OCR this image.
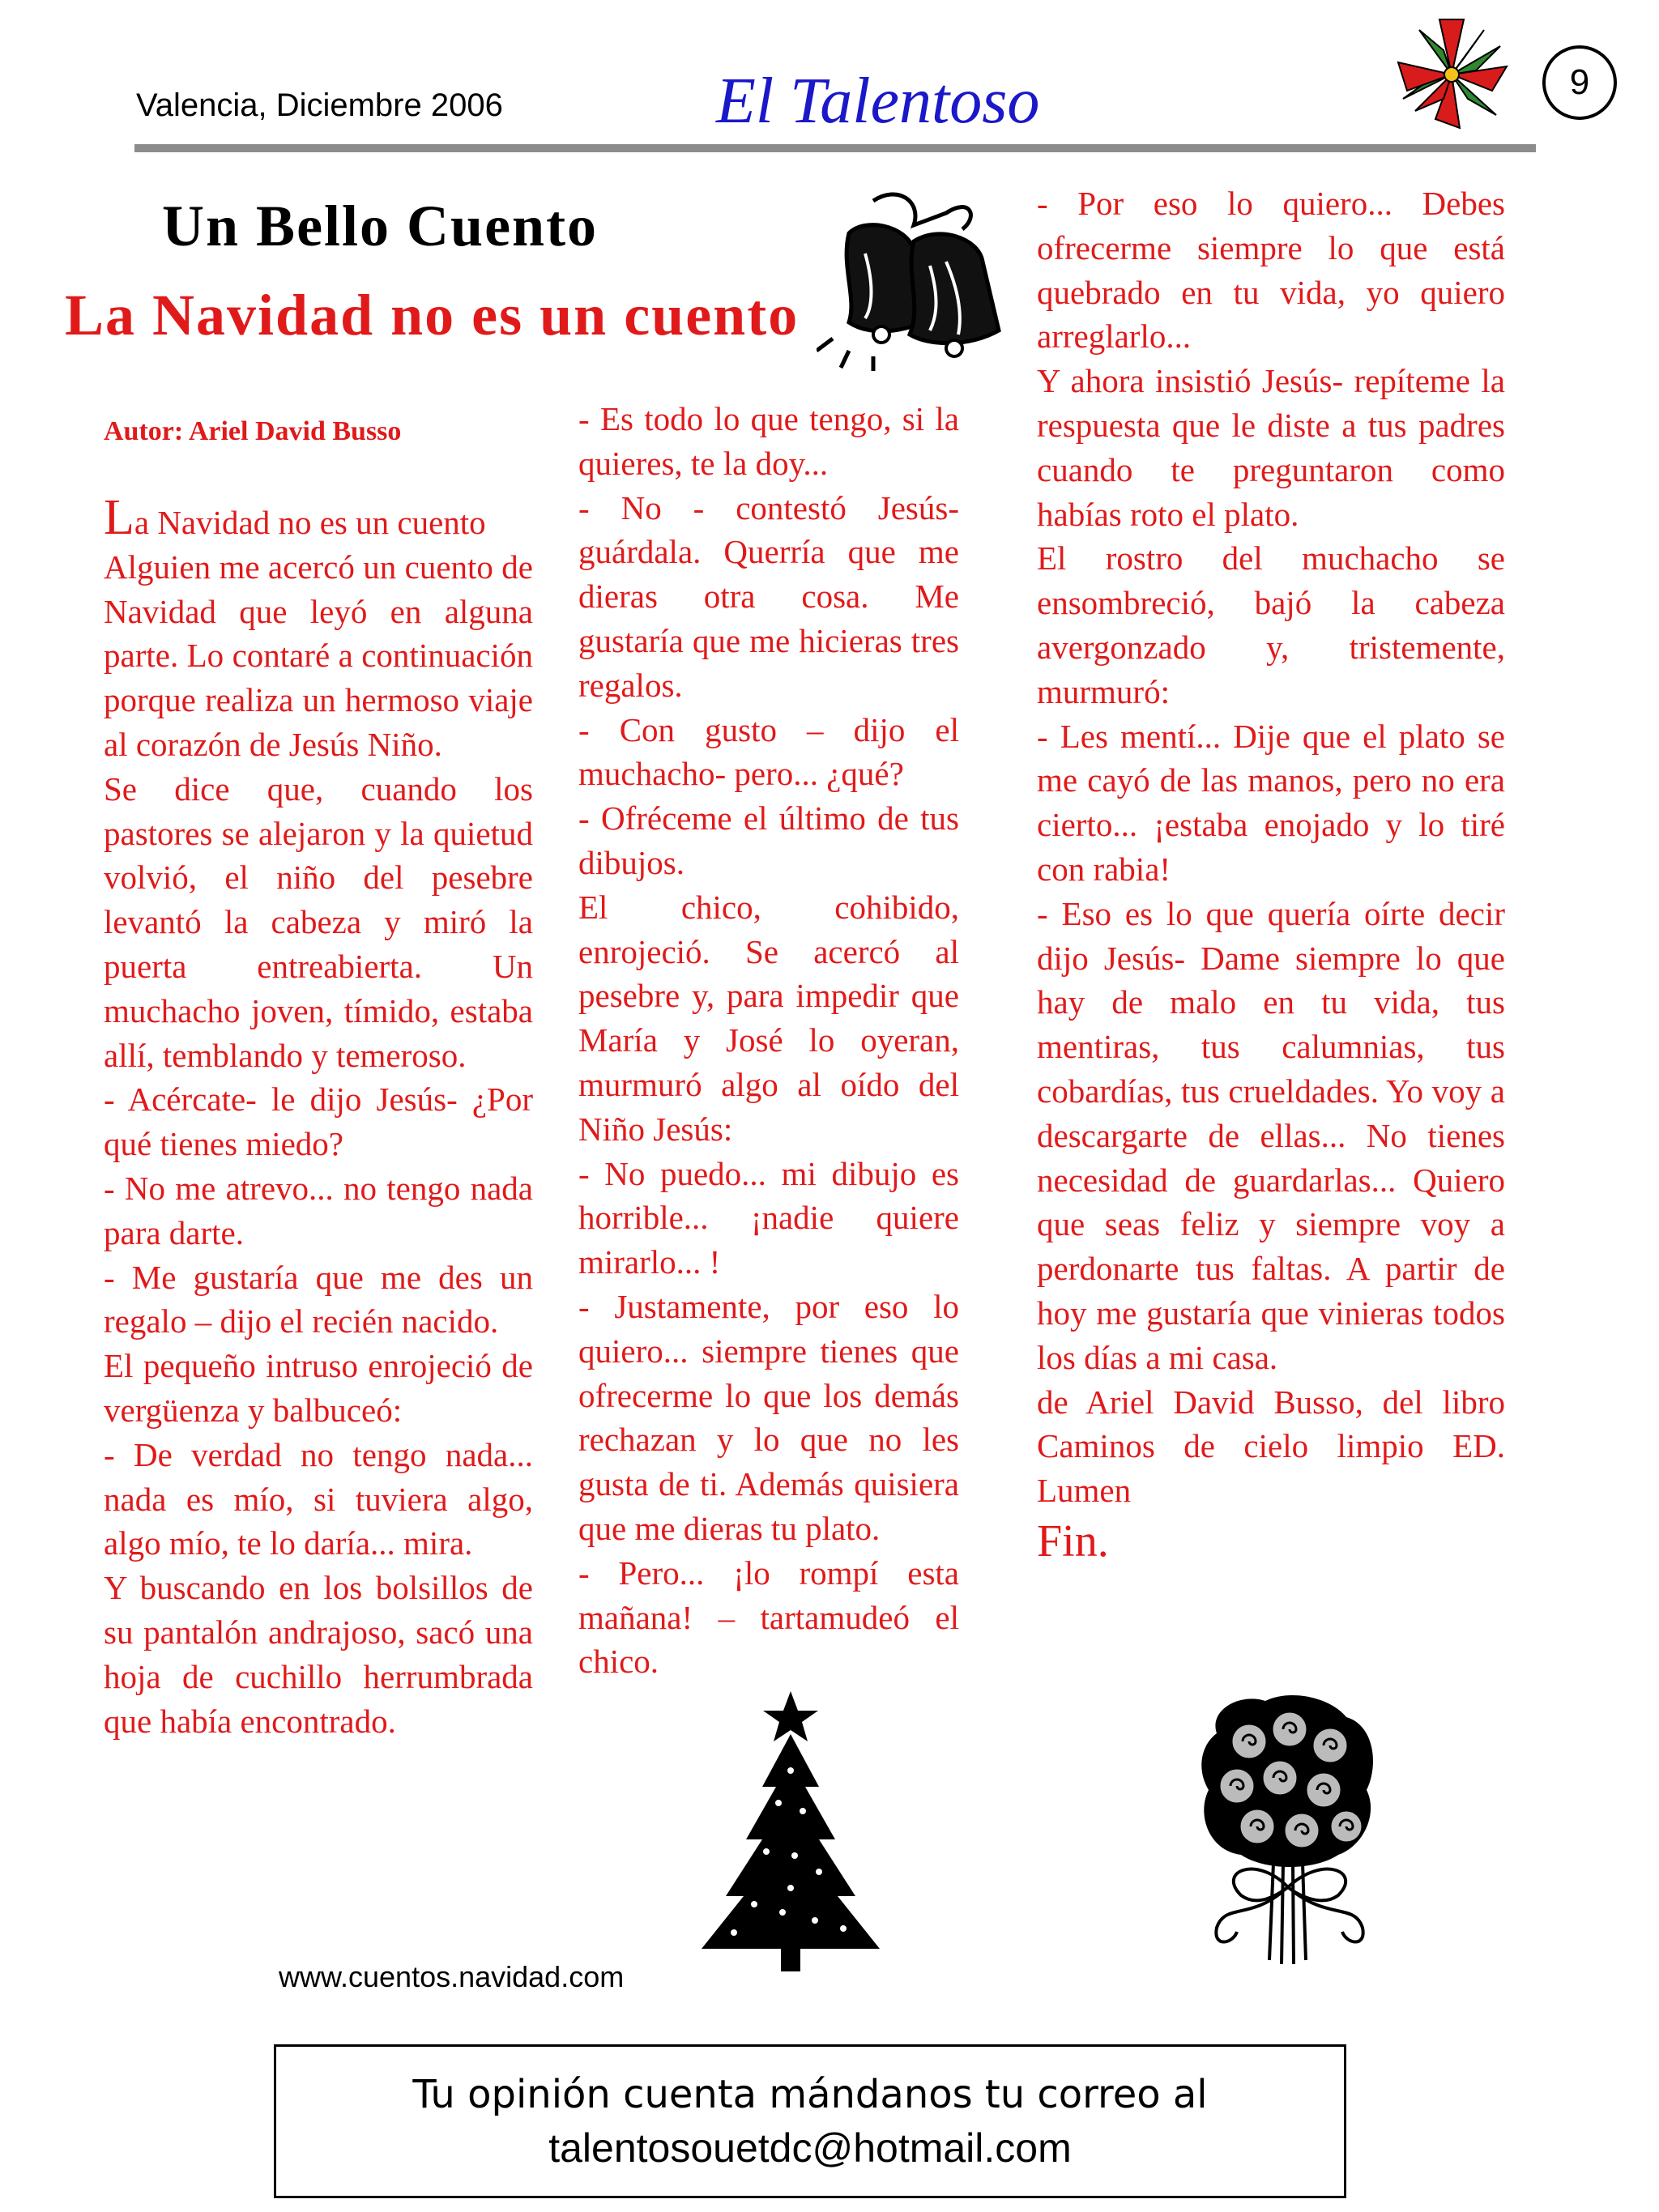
Valencia, Diciembre 2006	El Talentoso	9
Un Bello Cuento
La Navidad no es un cuento
Autor: Ariel David Busso

La Navidad no es un cuento

Alguien me acercó un cuento de Navidad que leyó en alguna parte. Lo contaré a continuación porque realiza un hermoso viaje al corazón de Jesús Niño.

Se dice que, cuando los pastores se alejaron y la quietud volvió, el niño del pesebre levantó la cabeza y miró la puerta entreabierta. Un muchacho joven, tímido, estaba allí, temblando y temeroso.

- Acércate- le dijo Jesús- ¿Por qué tienes miedo?

- No me atrevo... no tengo nada para darte.

- Me gustaría que me des un regalo – dijo el recién nacido.

El pequeño intruso enrojeció de vergüenza y balbuceó:

- De verdad no tengo nada... nada es mío, si tuviera algo, algo mío, te lo daría... mira.

Y buscando en los bolsillos de su pantalón andrajoso, sacó una hoja de cuchillo herrumbrada que había encontrado.

- Es todo lo que tengo, si la quieres, te la doy...

- No - contestó Jesús- guárdala. Querría que me dieras otra cosa. Me gustaría que me hicieras tres regalos.

- Con gusto – dijo el muchacho- pero... ¿qué?

- Ofréceme el último de tus dibujos.

El chico, cohibido, enrojeció. Se acercó al pesebre y, para impedir que María y José lo oyeran, murmuró algo al oído del Niño Jesús:

- No puedo... mi dibujo es horrible... ¡nadie quiere mirarlo... !

- Justamente, por eso lo quiero... siempre tienes que ofrecerme lo que los demás rechazan y lo que no les gusta de ti. Además quisiera que me dieras tu plato.

- Pero... ¡lo rompí esta mañana! – tartamudeó el chico.

- Por eso lo quiero... Debes ofrecerme siempre lo que está quebrado en tu vida, yo quiero arreglarlo...

Y ahora insistió Jesús- repíteme la respuesta que le diste a tus padres cuando te preguntaron como habías roto el plato.

El rostro del muchacho se ensombreció, bajó la cabeza avergonzado y, tristemente, murmuró:

- Les mentí... Dije que el plato se me cayó de las manos, pero no era cierto... ¡estaba enojado y lo tiré con rabia!

- Eso es lo que quería oírte decir dijo Jesús- Dame siempre lo que hay de malo en tu vida, tus mentiras, tus calumnias, tus cobardías, tus crueldades. Yo voy a descargarte de ellas... No tienes necesidad de guardarlas... Quiero que seas feliz y siempre voy a perdonarte tus faltas. A partir de hoy me gustaría que vinieras todos los días a mi casa.

de Ariel David Busso, del libro Caminos de cielo limpio ED. Lumen

Fin.
www.cuentos.navidad.com
Tu opinión cuenta mándanos tu correo al
talentosouetdc@hotmail.com
